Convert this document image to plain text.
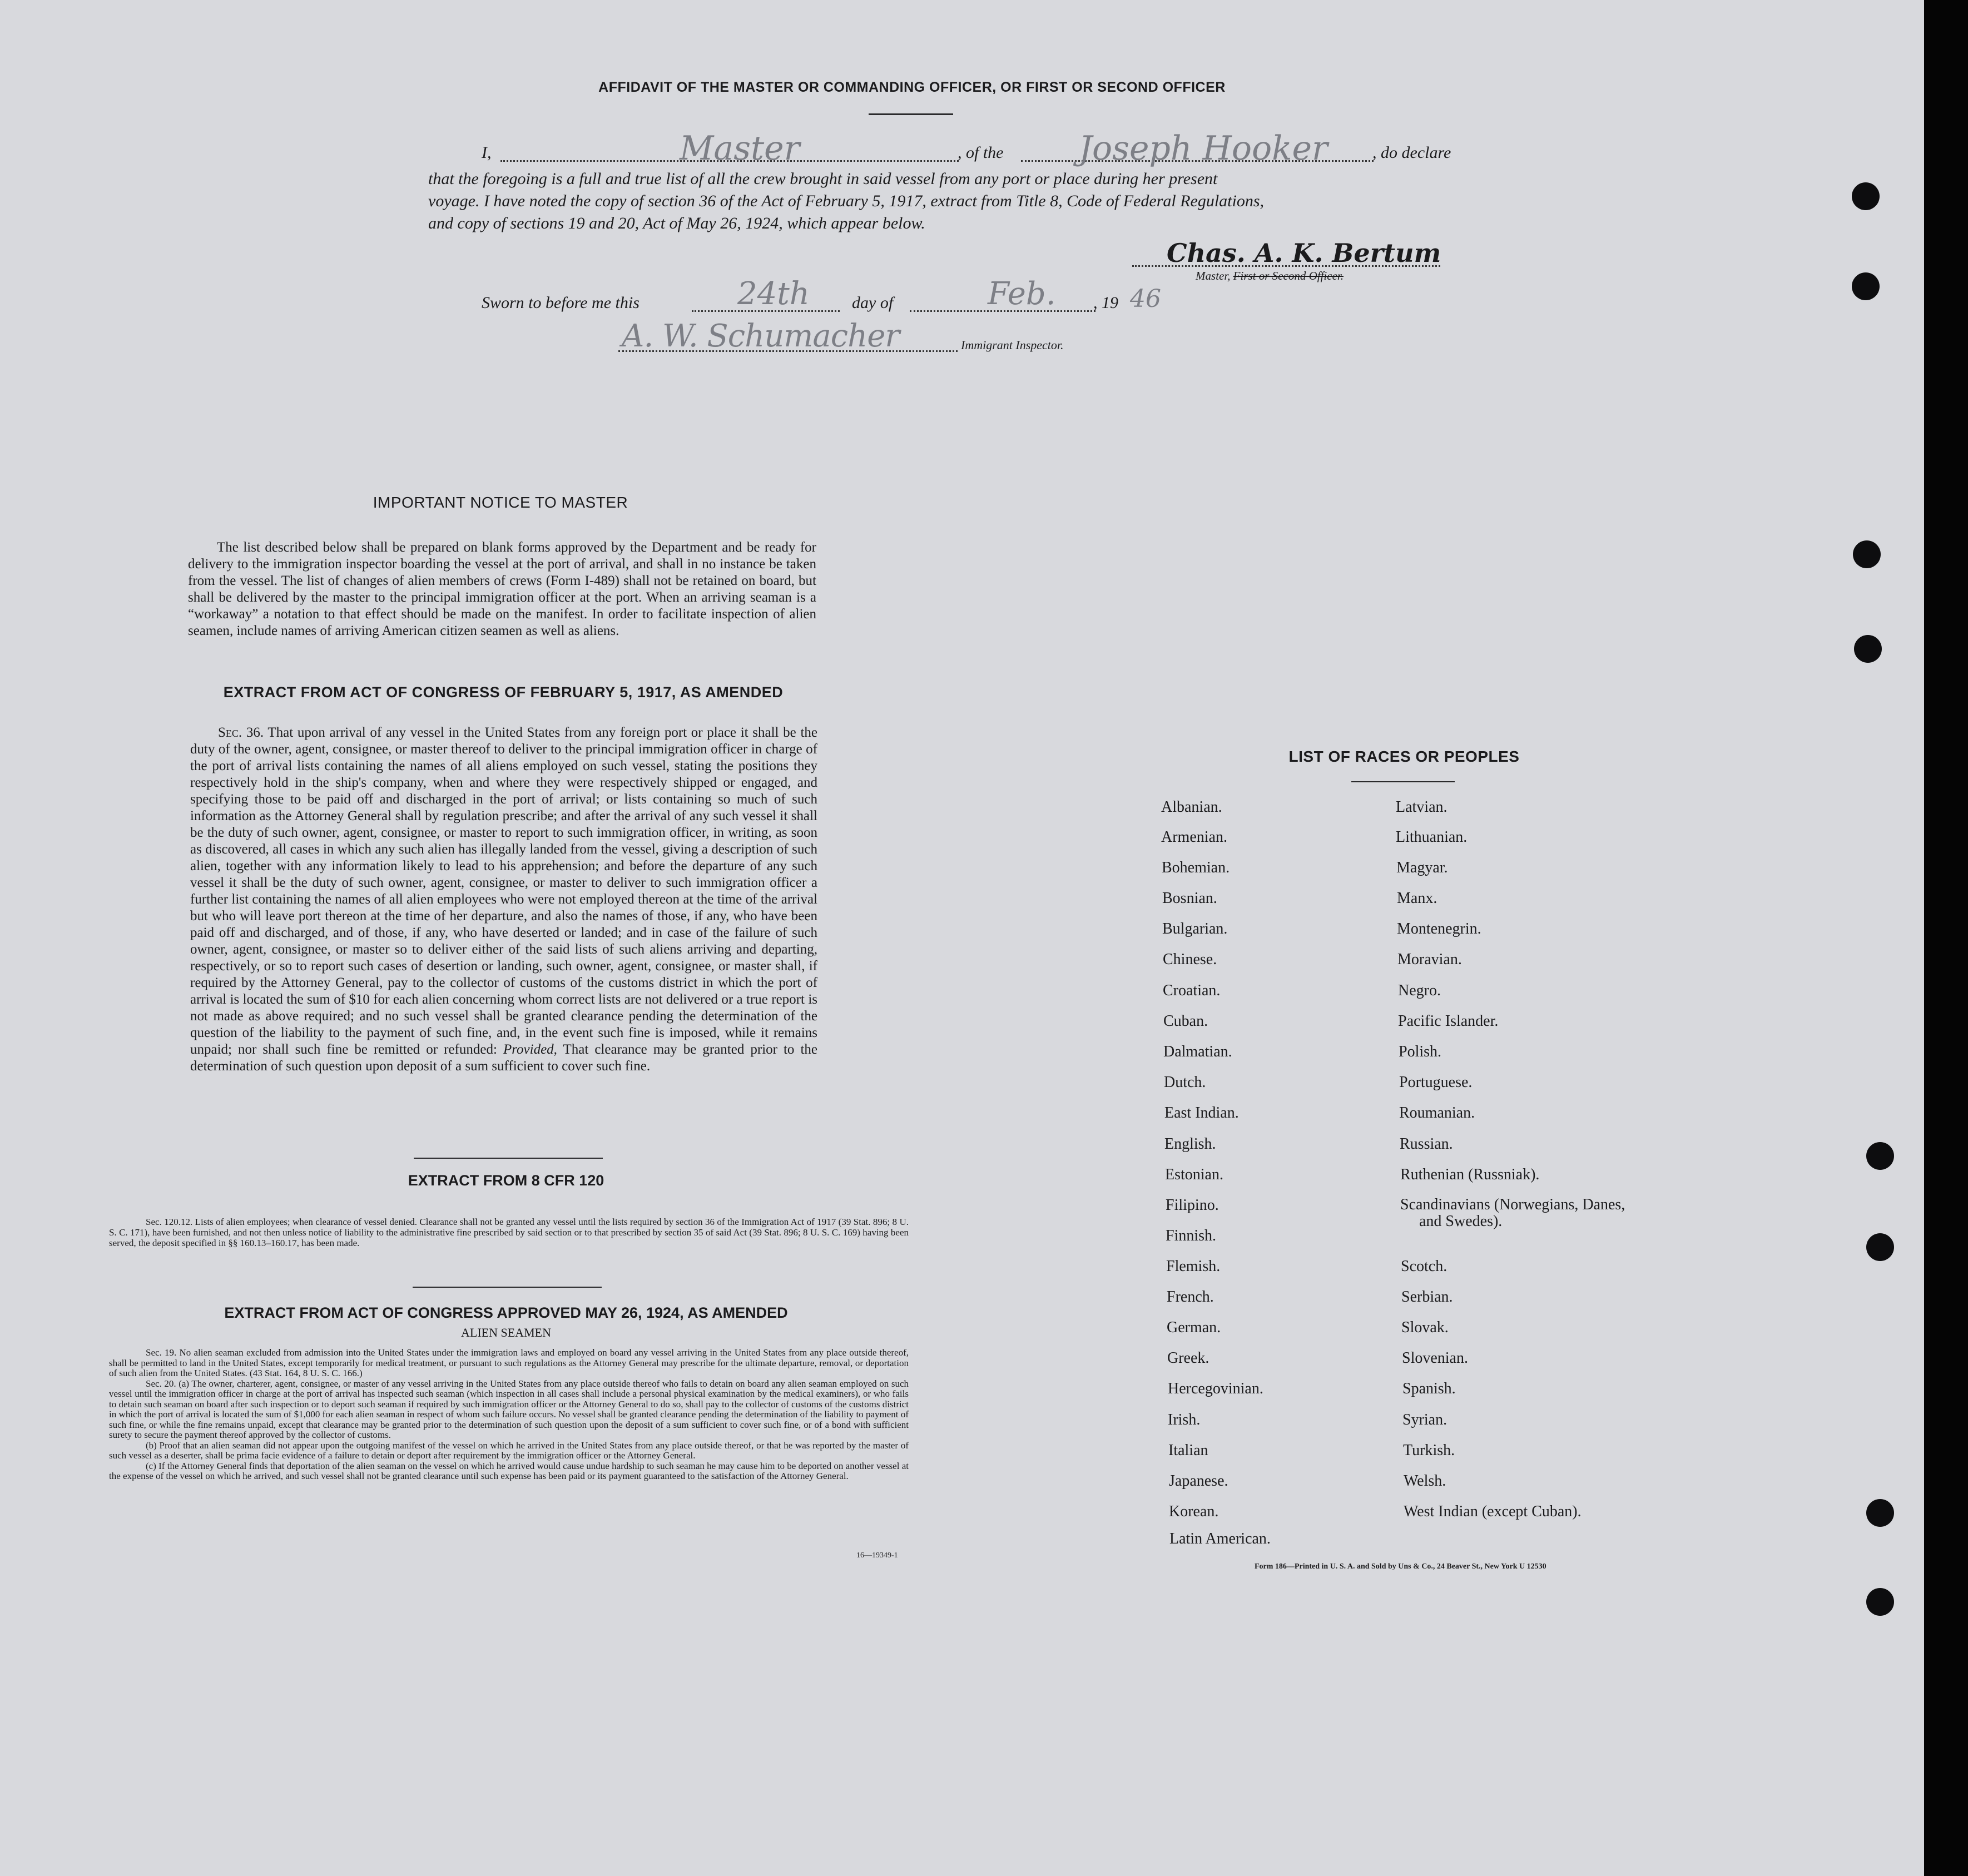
AFFIDAVIT OF THE MASTER OR COMMANDING OFFICER, OR FIRST OR SECOND OFFICER
I,	Master	, of the Joseph Hooker	, do declare
that the foregoing is a full and true list of all the crew brought in said vessel from any port or place during her present
voyage. I have noted the copy of section 36 of the Act of February 5, 1917, extract from Title 8, Code of Federal Regulations,
and copy of sections 19 and 20, Act of May 26, 1924, which appear below.
Chas. A. K. Bertum
Master, First or Second Officer.
Sworn to before me this	24th	day of	Feb. , 19 46
A. W. Schumacher	Immigrant Inspector.
IMPORTANT NOTICE TO MASTER
The list described below shall be prepared on blank forms approved by the Department and be ready for delivery to the immigration inspector boarding the vessel at the port of arrival, and shall in no instance be taken from the vessel. The list of changes of alien members of crews (Form I-489) shall not be retained on board, but shall be delivered by the master to the principal immigration officer at the port. When an arriving seaman is a “workaway” a notation to that effect should be made on the manifest. In order to facilitate inspection of alien seamen, include names of arriving American citizen seamen as well as aliens.
EXTRACT FROM ACT OF CONGRESS OF FEBRUARY 5, 1917, AS AMENDED
Sec. 36. That upon arrival of any vessel in the United States from any foreign port or place it shall be the duty of the owner, agent, consignee, or master thereof to deliver to the principal immigration officer in charge of the port of arrival lists containing the names of all aliens employed on such vessel, stating the positions they respectively hold in the ship's company, when and where they were respectively shipped or engaged, and specifying those to be paid off and discharged in the port of arrival; or lists containing so much of such information as the Attorney General shall by regulation prescribe; and after the arrival of any such vessel it shall be the duty of such owner, agent, consignee, or master to report to such immigration officer, in writing, as soon as discovered, all cases in which any such alien has illegally landed from the vessel, giving a description of such alien, together with any information likely to lead to his apprehension; and before the departure of any such vessel it shall be the duty of such owner, agent, consignee, or master to deliver to such immigration officer a further list containing the names of all alien employees who were not employed thereon at the time of the arrival but who will leave port thereon at the time of her departure, and also the names of those, if any, who have been paid off and discharged, and of those, if any, who have deserted or landed; and in case of the failure of such owner, agent, consignee, or master so to deliver either of the said lists of such aliens arriving and departing, respectively, or so to report such cases of desertion or landing, such owner, agent, consignee, or master shall, if required by the Attorney General, pay to the collector of customs of the customs district in which the port of arrival is located the sum of $10 for each alien concerning whom correct lists are not delivered or a true report is not made as above required; and no such vessel shall be granted clearance pending the determination of the question of the liability to the payment of such fine, and, in the event such fine is imposed, while it remains unpaid; nor shall such fine be remitted or refunded: Provided, That clearance may be granted prior to the determination of such question upon deposit of a sum sufficient to cover such fine.
EXTRACT FROM 8 CFR 120
Sec. 120.12. Lists of alien employees; when clearance of vessel denied. Clearance shall not be granted any vessel until the lists required by section 36 of the Immigration Act of 1917 (39 Stat. 896; 8 U. S. C. 171), have been furnished, and not then unless notice of liability to the administrative fine prescribed by said section or to that prescribed by section 35 of said Act (39 Stat. 896; 8 U. S. C. 169) having been served, the deposit specified in §§ 160.13–160.17, has been made.
EXTRACT FROM ACT OF CONGRESS APPROVED MAY 26, 1924, AS AMENDED
ALIEN SEAMEN
Sec. 19. No alien seaman excluded from admission into the United States under the immigration laws and employed on board any vessel arriving in the United States from any place outside thereof, shall be permitted to land in the United States, except temporarily for medical treatment, or pursuant to such regulations as the Attorney General may prescribe for the ultimate departure, removal, or deportation of such alien from the United States. (43 Stat. 164, 8 U. S. C. 166.)
Sec. 20. (a) The owner, charterer, agent, consignee, or master of any vessel arriving in the United States from any place outside thereof who fails to detain on board any alien seaman employed on such vessel until the immigration officer in charge at the port of arrival has inspected such seaman (which inspection in all cases shall include a personal physical examination by the medical examiners), or who fails to detain such seaman on board after such inspection or to deport such seaman if required by such immigration officer or the Attorney General to do so, shall pay to the collector of customs of the customs district in which the port of arrival is located the sum of $1,000 for each alien seaman in respect of whom such failure occurs. No vessel shall be granted clearance pending the determination of the liability to payment of such fine, or while the fine remains unpaid, except that clearance may be granted prior to the determination of such question upon the deposit of a sum sufficient to cover such fine, or of a bond with sufficient surety to secure the payment thereof approved by the collector of customs.
(b) Proof that an alien seaman did not appear upon the outgoing manifest of the vessel on which he arrived in the United States from any place outside thereof, or that he was reported by the master of such vessel as a deserter, shall be prima facie evidence of a failure to detain or deport after requirement by the immigration officer or the Attorney General.
(c) If the Attorney General finds that deportation of the alien seaman on the vessel on which he arrived would cause undue hardship to such seaman he may cause him to be deported on another vessel at the expense of the vessel on which he arrived, and such vessel shall not be granted clearance until such expense has been paid or its payment guaranteed to the satisfaction of the Attorney General.
16—19349-1
LIST OF RACES OR PEOPLES
Albanian.
Armenian.
Bohemian.
Bosnian.
Bulgarian.
Chinese.
Croatian.
Cuban.
Dalmatian.
Dutch.
East Indian.
English.
Estonian.
Filipino.
Finnish.
Flemish.
French.
German.
Greek.
Hercegovinian.
Irish.
Italian
Japanese.
Korean.
Latin American.
Latvian.
Lithuanian.
Magyar.
Manx.
Montenegrin.
Moravian.
Negro.
Pacific Islander.
Polish.
Portuguese.
Roumanian.
Russian.
Ruthenian (Russniak).
Scandinavians (Norwegians, Danes, and Swedes).
Scotch.
Serbian.
Slovak.
Slovenian.
Spanish.
Syrian.
Turkish.
Welsh.
West Indian (except Cuban).
Form 186—Printed in U. S. A. and Sold by Uns & Co., 24 Beaver St., New York U 12530
